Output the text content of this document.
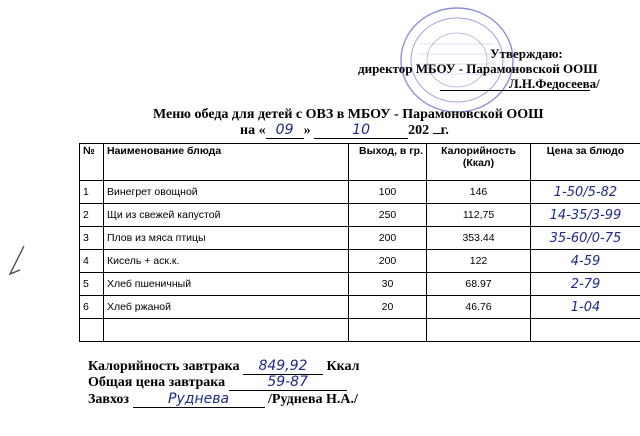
Утверждаю:
директор МБОУ - Парамоновской ООШ
Л.Н.Федосеева/
Меню обеда для детей с ОВЗ в МБОУ - Парамоновской ООШ
на « 09 »	10	202 г.
№	Наименование блюда	Выход, в гр.	Калорийность (Ккал)	Цена за блюдо
1	Винегрет овощной	100	146	1-50/5-82
2	Щи из свежей капустой	250	112,75	14-35/3-99
3	Плов из мяса птицы	200	353.44	35-60/0-75
4	Кисель + аск.к.	200	122	4-59
5	Хлеб пшеничный	30	68.97	2-79
6	Хлеб ржаной	20	46.76	1-04

Калорийность завтрака 849,92 Ккал
Общая цена завтрака	59-87
Завхоз	Руднева	/Руднева Н.А./
